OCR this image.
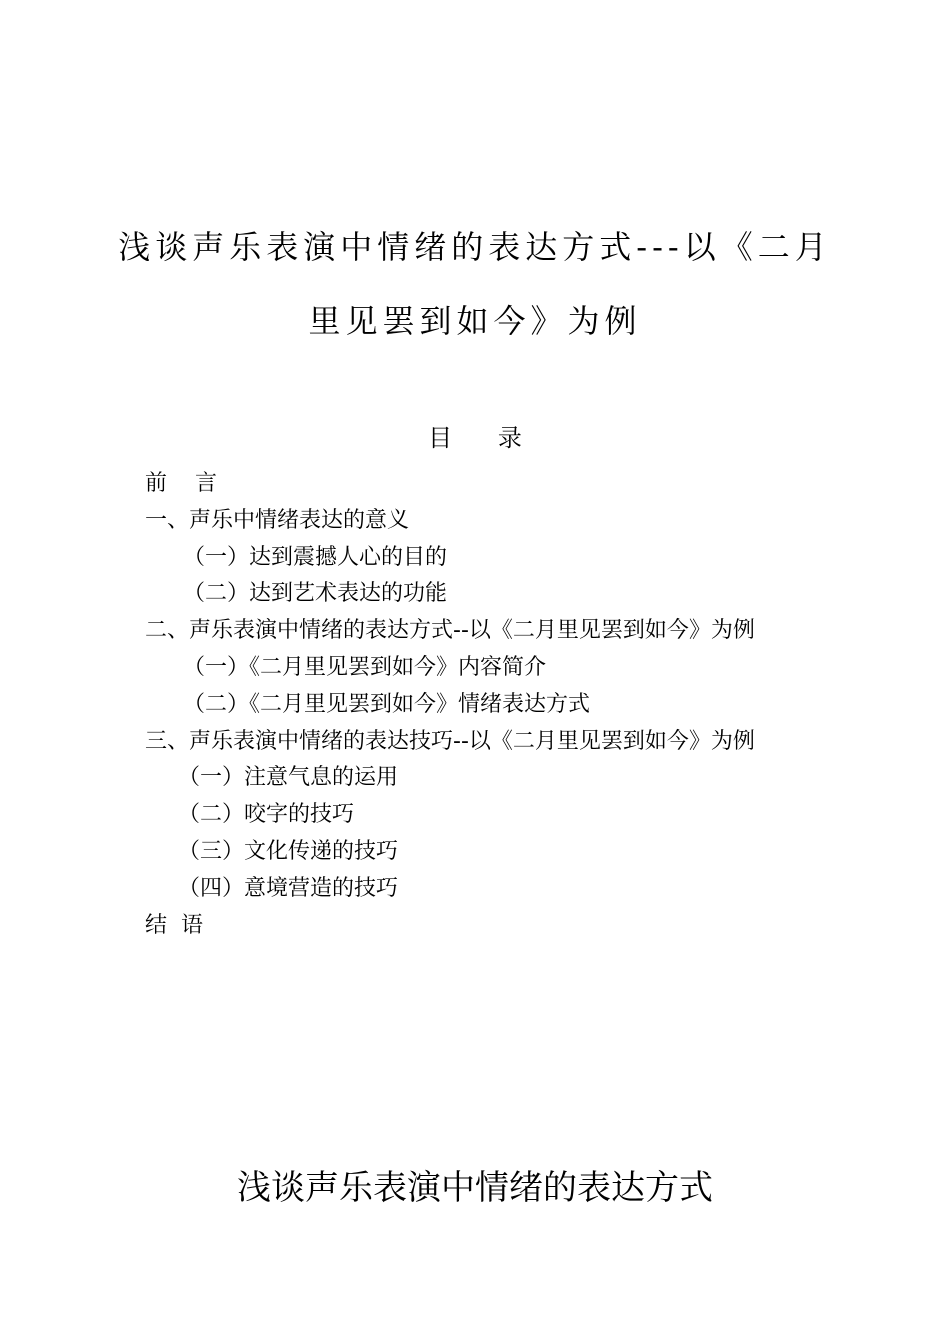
浅谈声乐表演中情绪的表达方式---以《二月
里见罢到如今》为例
目      录
前    言
一、声乐中情绪表达的意义
（一）达到震撼人心的目的
（二）达到艺术表达的功能
二、声乐表演中情绪的表达方式--以《二月里见罢到如今》为例
（一）《二月里见罢到如今》内容简介
（二）《二月里见罢到如今》情绪表达方式
三、声乐表演中情绪的表达技巧--以《二月里见罢到如今》为例
（一）注意气息的运用
（二）咬字的技巧
（三）文化传递的技巧
（四）意境营造的技巧
结  语
浅谈声乐表演中情绪的表达方式
